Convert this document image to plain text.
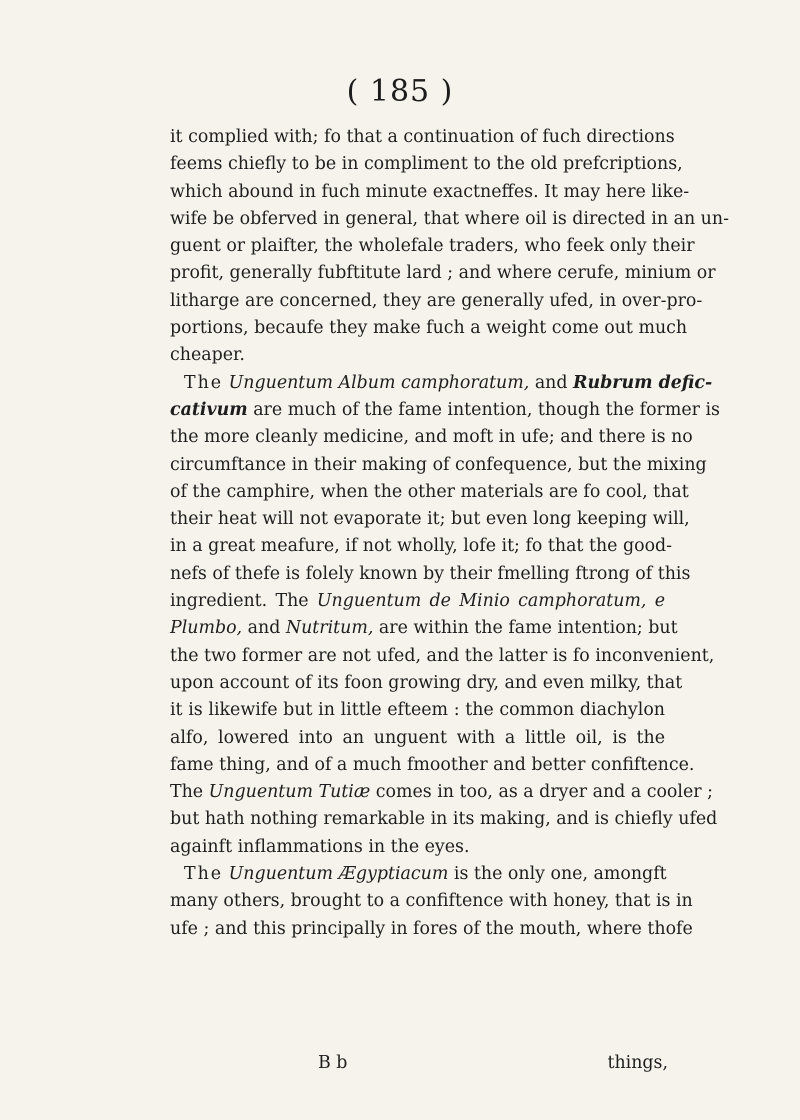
( 185 )
it complied with; fo that a continuation of fuch directions
feems chiefly to be in compliment to the old prefcriptions,
which abound in fuch minute exactneffes. It may here like-
wife be obferved in general, that where oil is directed in an un-
guent or plaifter, the wholefale traders, who feek only their
profit, generally fubftitute lard ; and where cerufe, minium or
litharge are concerned, they are generally ufed, in over-pro-
portions, becaufe they make fuch a weight come out much
cheaper.
The Unguentum Album camphoratum, and Rubrum defic-
cativum are much of the fame intention, though the former is
the more cleanly medicine, and moft in ufe; and there is no
circumftance in their making of confequence, but the mixing
of the camphire, when the other materials are fo cool, that
their heat will not evaporate it; but even long keeping will,
in a great meafure, if not wholly, lofe it; fo that the good-
nefs of thefe is folely known by their fmelling ftrong of this
ingredient. The Unguentum de Minio camphoratum, e
Plumbo, and Nutritum, are within the fame intention; but
the two former are not ufed, and the latter is fo inconvenient,
upon account of its foon growing dry, and even milky, that
it is likewife but in little efteem : the common diachylon
alfo, lowered into an unguent with a little oil, is the
fame thing, and of a much fmoother and better confiftence.
The Unguentum Tutiæ comes in too, as a dryer and a cooler ;
but hath nothing remarkable in its making, and is chiefly ufed
againft inflammations in the eyes.
The Unguentum Ægyptiacum is the only one, amongft
many others, brought to a confiftence with honey, that is in
ufe ; and this principally in fores of the mouth, where thofe
B b	things,
